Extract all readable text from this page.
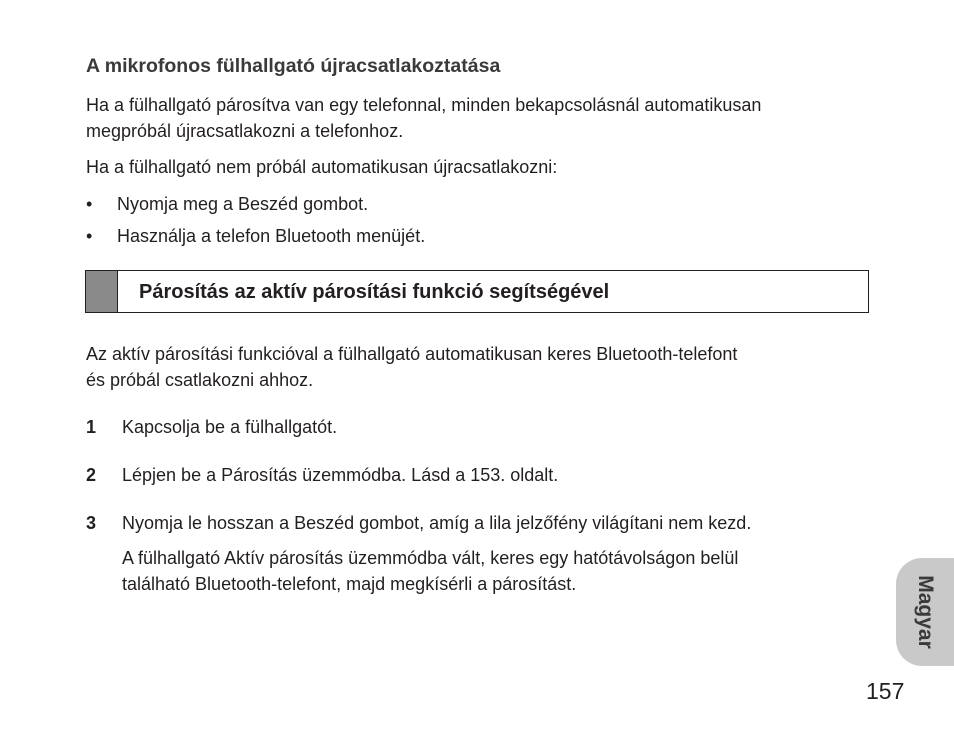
A mikrofonos fülhallgató újracsatlakoztatása
Ha a fülhallgató párosítva van egy telefonnal, minden bekapcsolásnál automatikusan
megpróbál újracsatlakozni a telefonhoz.
Ha a fülhallgató nem próbál automatikusan újracsatlakozni:
• Nyomja meg a Beszéd gombot.
• Használja a telefon Bluetooth menüjét.
Párosítás az aktív párosítási funkció segítségével
Az aktív párosítási funkcióval a fülhallgató automatikusan keres Bluetooth-telefont
és próbál csatlakozni ahhoz.
1 Kapcsolja be a fülhallgatót.
2 Lépjen be a Párosítás üzemmódba. Lásd a 153. oldalt.
3 Nyomja le hosszan a Beszéd gombot, amíg a lila jelzőfény világítani nem kezd.
A fülhallgató Aktív párosítás üzemmódba vált, keres egy hatótávolságon belül
található Bluetooth-telefont, majd megkísérli a párosítást.	Magyar
157
